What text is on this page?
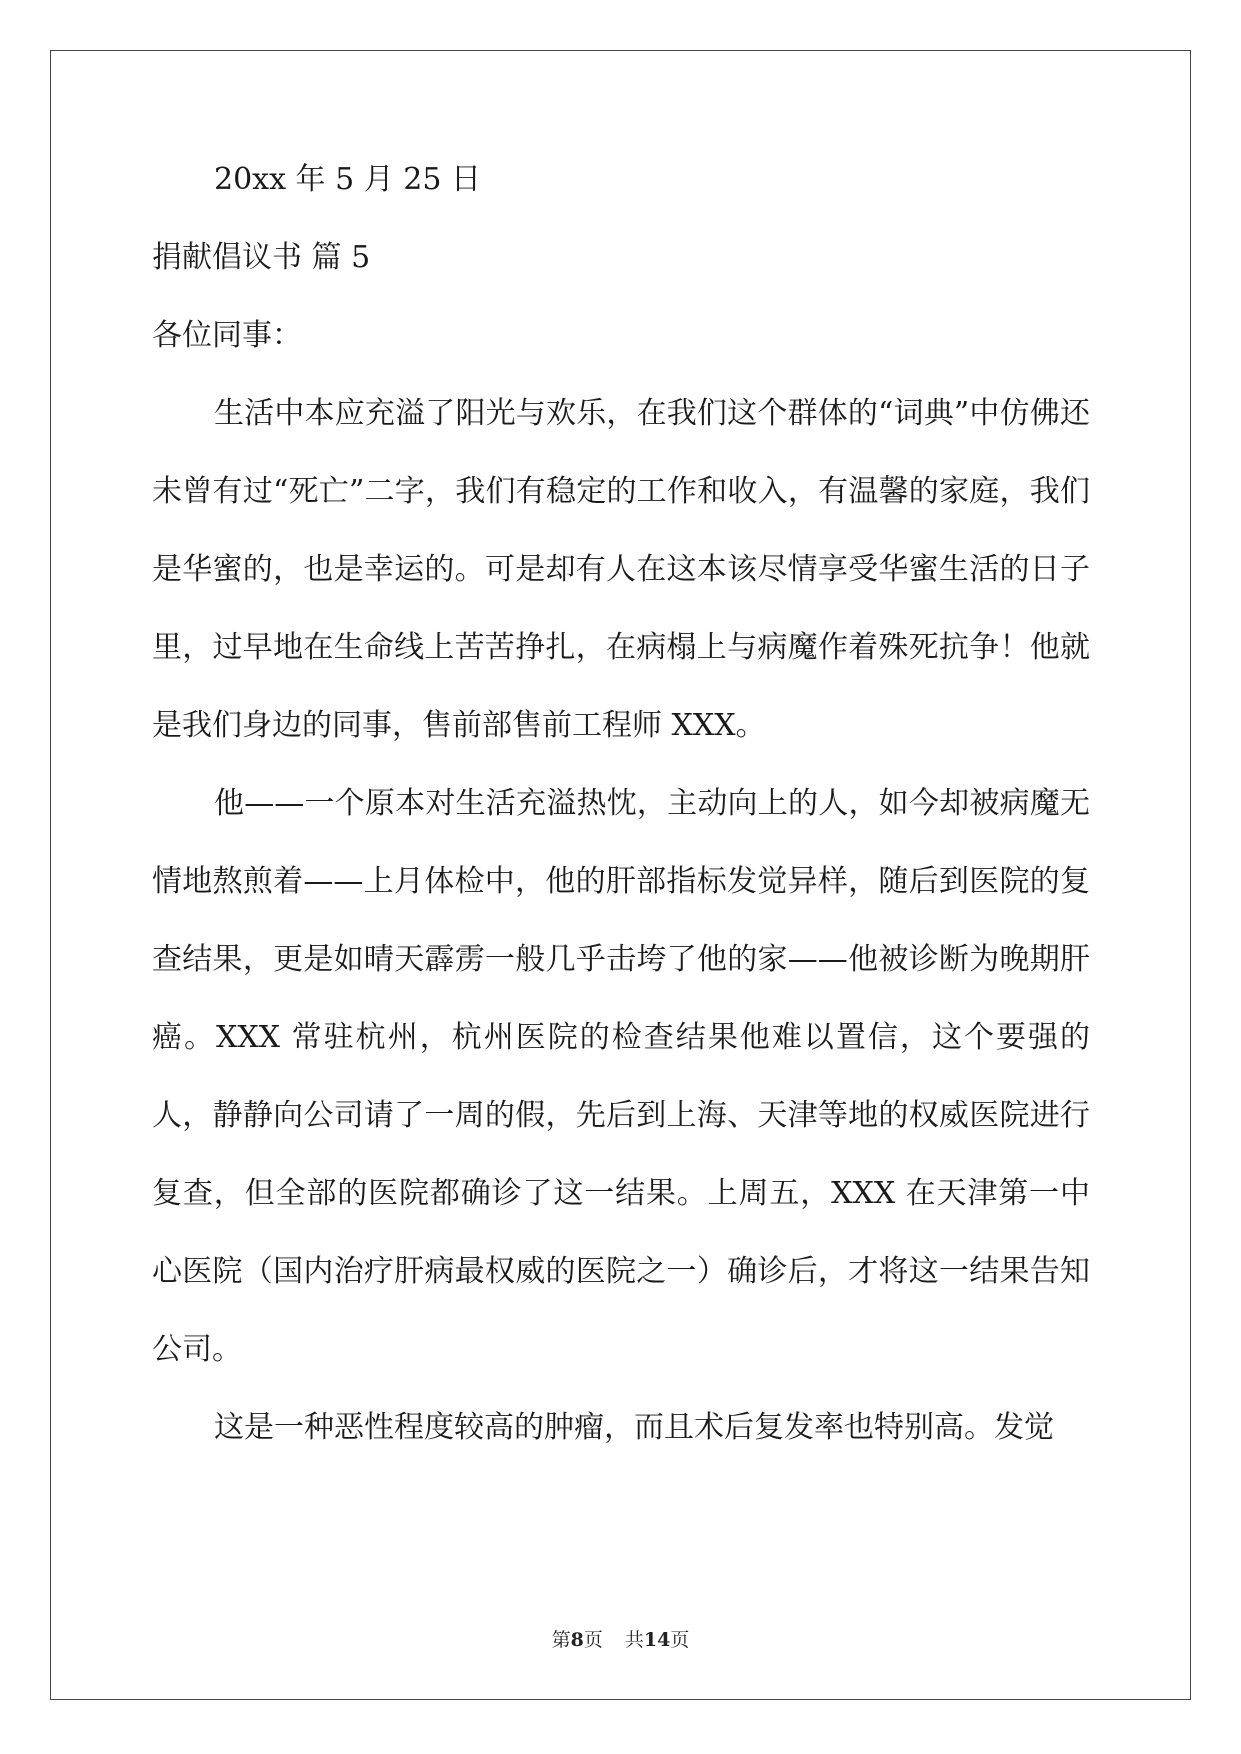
20xx 年 5 月 25 日
捐献倡议书 篇 5
各位同事：

生活中本应充溢了阳光与欢乐，在我们这个群体的“词典”中仿佛还未曾有过“死亡”二字，我们有稳定的工作和收入，有温馨的家庭，我们是华蜜的，也是幸运的。可是却有人在这本该尽情享受华蜜生活的日子里，过早地在生命线上苦苦挣扎，在病榻上与病魔作着殊死抗争！他就是我们身边的同事，售前部售前工程师 XXX。

他——一个原本对生活充溢热忱，主动向上的人，如今却被病魔无情地熬煎着——上月体检中，他的肝部指标发觉异样，随后到医院的复查结果，更是如晴天霹雳一般几乎击垮了他的家——他被诊断为晚期肝癌。XXX 常驻杭州，杭州医院的检查结果他难以置信，这个要强的人，静静向公司请了一周的假，先后到上海、天津等地的权威医院进行复查，但全部的医院都确诊了这一结果。上周五，XXX 在天津第一中心医院（国内治疗肝病最权威的医院之一）确诊后，才将这一结果告知公司。

这是一种恶性程度较高的肿瘤，而且术后复发率也特别高。发觉

第8页 共14页
